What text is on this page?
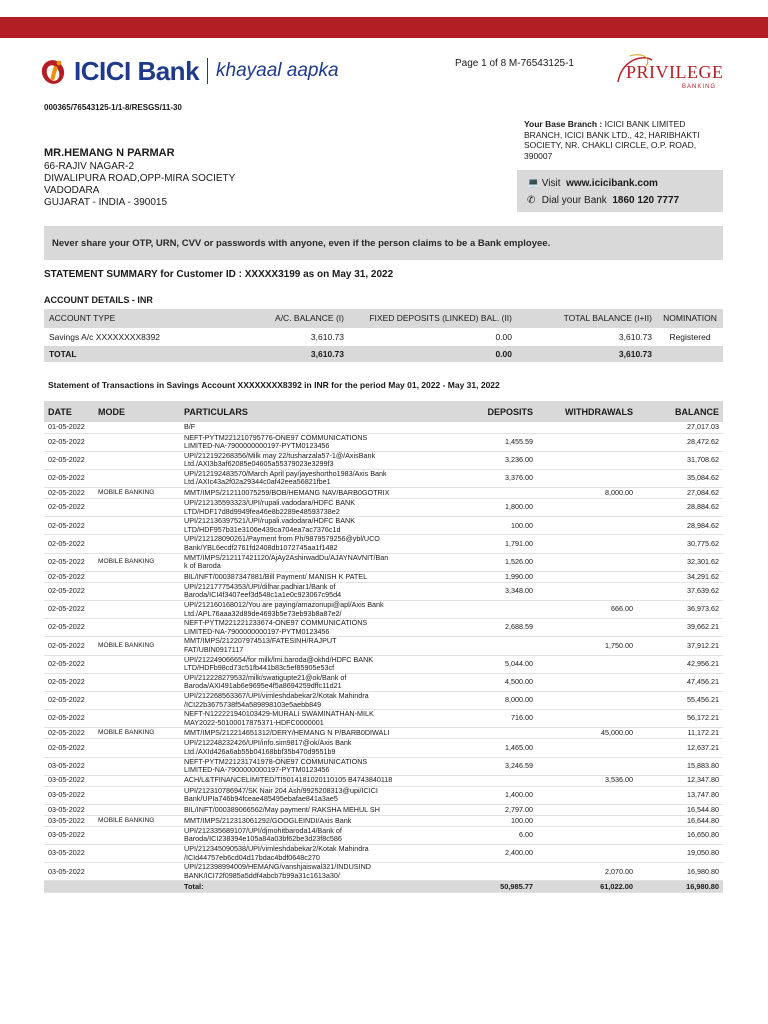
ICICI Bank khayaal aapka	Page 1 of 8 M-76543125-1	PRIVILEGE
BANKING
000365/76543125-1/1-8/RESGS/11-30
Your Base Branch : ICICI BANK LIMITED BRANCH, ICICI BANK LTD., 42, HARIBHAKTI SOCIETY, NR. CHAKLI CIRCLE, O.P. ROAD, 390007
MR.HEMANG N PARMAR
66-RAJIV NAGAR-2
DIWALIPURA ROAD,OPP-MIRA SOCIETY
VADODARA
GUJARAT - INDIA - 390015
💻 Visit www.icicibank.com
✆ Dial your Bank 1860 120 7777
Never share your OTP, URN, CVV or passwords with anyone, even if the person claims to be a Bank employee.
STATEMENT SUMMARY for Customer ID : XXXXX3199 as on May 31, 2022
ACCOUNT DETAILS - INR
ACCOUNT TYPE	A/C. BALANCE (I)	FIXED DEPOSITS (LINKED) BAL. (II)	TOTAL BALANCE (I+II)	NOMINATION
Savings A/c XXXXXXXX8392	3,610.73	0.00	3,610.73	Registered
TOTAL	3,610.73	0.00	3,610.73	
Statement of Transactions in Savings Account XXXXXXXX8392 in INR for the period May 01, 2022 - May 31, 2022
DATE	MODE	PARTICULARS	DEPOSITS	WITHDRAWALS	BALANCE
01-05-2022		B/F			27,017.03
02-05-2022		NEFT-PYTM221210795776-ONE97 COMMUNICATIONS
LIMITED-NA-7900000000197-PYTM0123456	1,455.59		28,472.62
02-05-2022		UPI/212192268356/Milk may 22/tusharzala57-1@/AxisBank
Ltd./AXI3b3af62085e04605a55379023e3299f3	3,236.00		31,708.62
02-05-2022		UPI/212192483570/March April pay/jayeshortho1983/Axis Bank
Ltd./AXIc43a2f02a29344c0af42eea56821fbe1	3,376.00		35,084.62
02-05-2022	MOBILE BANKING	MMT/IMPS/212110075259/BOB/HEMANG NAV/BARB0GOTRIX		8,000.00	27,084.62
02-05-2022		UPI/212135593323/UPI/rupali.vadodara/HDFC BANK
LTD/HDF17d8d9949fea46e8b2289e48593738e2	1,800.00		28,884.62
02-05-2022		UPI/212136397521/UPI/rupali.vadodara/HDFC BANK
LTD/HDF957b31e3106e439ca704ea7ac7376c1d	100.00		28,984.62
02-05-2022		UPI/212128090261/Payment from Ph/9879579256@ybl/UCO
Bank/YBL6ecdf2761fd2408db1072745aa1f1482	1,791.00		30,775.62
02-05-2022	MOBILE BANKING	MMT/IMPS/212117421120/AjAy2AshirwadDu/AJAYNAVNIT/Ban
k of Baroda	1,526.00		32,301.62
02-05-2022		BIL/INFT/000387347881/Bill Payment/ MANISH K PATEL	1,990.00		34,291.62
02-05-2022		UPI/212177754353/UPI/dilhar.padhiar1/Bank of
Baroda/ICI4f3407eef3d548c1a1e0c923067c95d4	3,348.00		37,639.62
02-05-2022		UPI/212160168012/You are paying/amazonupi@apl/Axis Bank
Ltd./APL76aaa32d89de4693b5e73eb93b8a87e2/		666.00	36,973.62
02-05-2022		NEFT-PYTM221221233674-ONE97 COMMUNICATIONS
LIMITED-NA-7900000000197-PYTM0123456	2,688.59		39,662.21
02-05-2022	MOBILE BANKING	MMT/IMPS/212207974513/FATESINH/RAJPUT
FAT/UBIN0917117		1,750.00	37,912.21
02-05-2022		UPI/212249066654/for milk/lmi.baroda@okhd/HDFC BANK
LTD/HDFb98cd73c51fb441b83c5ef85905e53cf	5,044.00		42,956.21
02-05-2022		UPI/212228279532/milk/swatigupte21@ok/Bank of
Baroda/AXI491ab6e9695e4f5a8694259dffc11d21	4,500.00		47,456.21
02-05-2022		UPI/212268563367/UPI/vimleshdabekar2/Kotak Mahindra
/ICI22b3675738f54a589898103e5aebb849	8,000.00		55,456.21
02-05-2022		NEFT-N122221940103429-MURALI SWAMINATHAN-MILK
MAY2022-50100017875371-HDFC0000001	716.00		56,172.21
02-05-2022	MOBILE BANKING	MMT/IMPS/212214651312/DERY/HEMANG N P/BARB0DIWALI		45,000.00	11,172.21
02-05-2022		UPI/212248232426/UPI/info.sim9817@ok/Axis Bank
Ltd./AXId426a6ab55b04168bbf35b470d9551b9	1,465.00		12,637.21
03-05-2022		NEFT-PYTM221231741978-ONE97 COMMUNICATIONS
LIMITED-NA-7900000000197-PYTM0123456	3,246.59		15,883.80
03-05-2022		ACH/L&TFINANCELIMITED/TI5014181020110105 B4743840118		3,536.00	12,347.80
03-05-2022		UPI/212310786947/SK Nair 204 Ash/9925208313@upi/ICICI
Bank/UPIa746b94fceae485495ebafae841a3ae5	1,400.00		13,747.80
03-05-2022		BIL/INFT/000389066562/May payment/ RAKSHA MEHUL SH	2,797.00		16,544.80
03-05-2022	MOBILE BANKING	MMT/IMPS/212313061292/GOOGLEINDI/Axis Bank	100.00		16,644.80
03-05-2022		UPI/212335689107/UPI/djmohitbaroda14/Bank of
Baroda/ICI238394e105a84a03bf62be3d23f8c586	6.00		16,650.80
03-05-2022		UPI/212345090538/UPI/vimleshdabekar2/Kotak Mahindra
/ICId44757eb6cd04d17bdac4bdf0648c270	2,400.00		19,050.80
03-05-2022		UPI/212398994009/HEMANG/vanshjaiswal321/INDUSIND
BANK/ICI72f0985a5ddf4abcb7b99a31c1613a30/		2,070.00	16,980.80
		Total:	50,985.77	61,022.00	16,980.80
